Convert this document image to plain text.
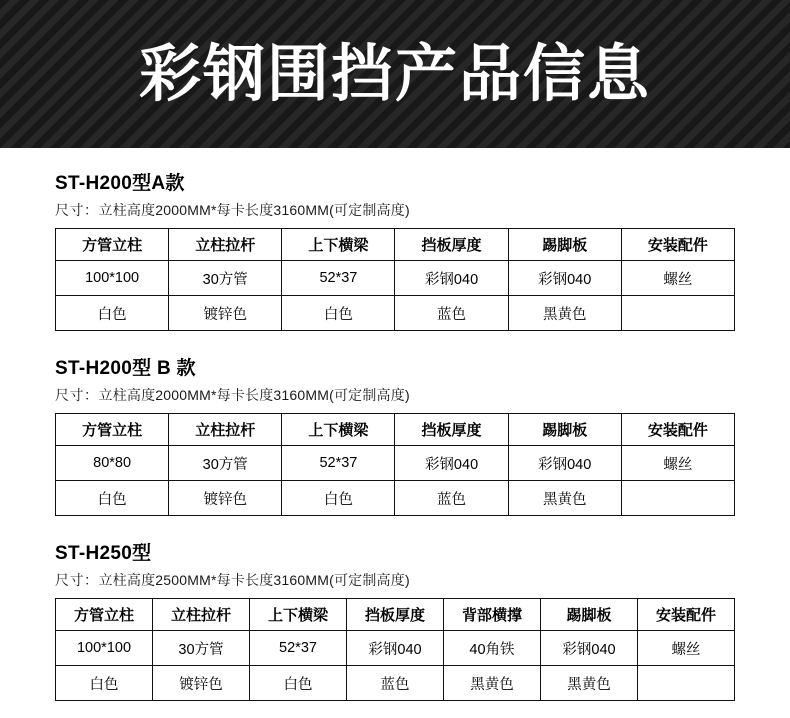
彩钢围挡产品信息
ST-H200型A款
尺寸：立柱高度2000MM*每卡长度3160MM(可定制高度)
方管立柱	立柱拉杆	上下横梁	挡板厚度	踢脚板	安装配件
100*100	30方管	52*37	彩钢040	彩钢040	螺丝
白色	镀锌色	白色	蓝色	黑黄色	
ST-H200型 B 款
尺寸：立柱高度2000MM*每卡长度3160MM(可定制高度)
方管立柱	立柱拉杆	上下横梁	挡板厚度	踢脚板	安装配件
80*80	30方管	52*37	彩钢040	彩钢040	螺丝
白色	镀锌色	白色	蓝色	黑黄色	
ST-H250型
尺寸：立柱高度2500MM*每卡长度3160MM(可定制高度)
方管立柱	立柱拉杆	上下横梁	挡板厚度	背部横撑	踢脚板	安装配件
100*100	30方管	52*37	彩钢040	40角铁	彩钢040	螺丝
白色	镀锌色	白色	蓝色	黑黄色	黑黄色	
